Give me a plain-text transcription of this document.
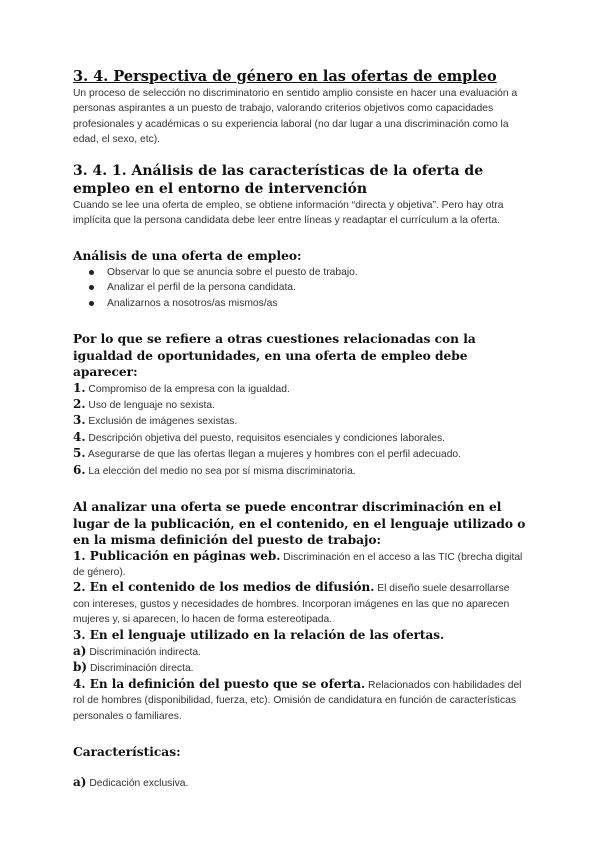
3. 4. Perspectiva de género en las ofertas de empleo

Un proceso de selección no discriminatorio en sentido amplio consiste en hacer una evaluación a personas aspirantes a un puesto de trabajo, valorando criterios objetivos como capacidades profesionales y académicas o su experiencia laboral (no dar lugar a una discriminación como la edad, el sexo, etc).

3. 4. 1. Análisis de las características de la oferta de empleo en el entorno de intervención

Cuando se lee una oferta de empleo, se obtiene información “directa y objetiva”. Pero hay otra implícita que la persona candidata debe leer entre líneas y readaptar el currículum a la oferta.

Análisis de una oferta de empleo:
Observar lo que se anuncia sobre el puesto de trabajo.
Analizar el perfil de la persona candidata.
Analizarnos a nosotros/as mismos/as
Por lo que se refiere a otras cuestiones relacionadas con la igualdad de oportunidades, en una oferta de empleo debe aparecer:

1. Compromiso de la empresa con la igualdad.

2. Uso de lenguaje no sexista.

3. Exclusión de imágenes sexistas.

4. Descripción objetiva del puesto, requisitos esenciales y condiciones laborales.

5. Asegurarse de que las ofertas llegan a mujeres y hombres con el perfil adecuado.

6. La elección del medio no sea por sí misma discriminatoria.

Al analizar una oferta se puede encontrar discriminación en el lugar de la publicación, en el contenido, en el lenguaje utilizado o en la misma definición del puesto de trabajo:

1. Publicación en páginas web. Discriminación en el acceso a las TIC (brecha digital de género).

2. En el contenido de los medios de difusión. El diseño suele desarrollarse con intereses, gustos y necesidades de hombres. Incorporan imágenes en las que no aparecen mujeres y, si aparecen, lo hacen de forma estereotipada.

3. En el lenguaje utilizado en la relación de las ofertas.

a) Discriminación indirecta.

b) Discriminación directa.

4. En la definición del puesto que se oferta. Relacionados con habilidades del rol de hombres (disponibilidad, fuerza, etc). Omisión de candidatura en función de características personales o familiares.

Características:

a) Dedicación exclusiva.
